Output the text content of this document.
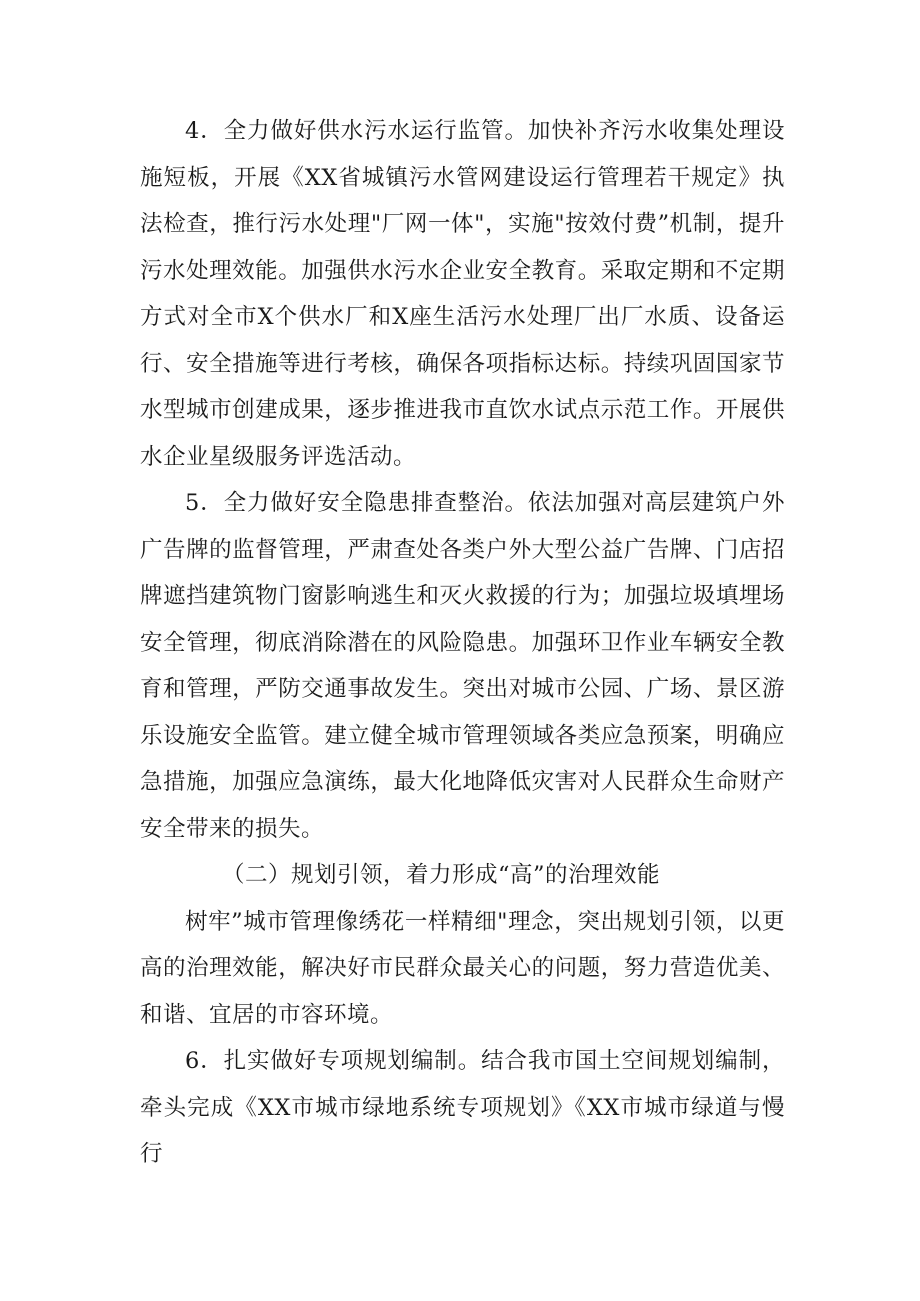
4．全力做好供水污水运行监管。加快补齐污水收集处理设施短板，开展《XX省城镇污水管网建设运行管理若干规定》执法检查，推行污水处理"厂网一体"，实施"按效付费”机制，提升污水处理效能。加强供水污水企业安全教育。采取定期和不定期方式对全市X个供水厂和X座生活污水处理厂出厂水质、设备运行、安全措施等进行考核，确保各项指标达标。持续巩固国家节水型城市创建成果，逐步推进我市直饮水试点示范工作。开展供水企业星级服务评选活动。

5．全力做好安全隐患排查整治。依法加强对高层建筑户外广告牌的监督管理，严肃查处各类户外大型公益广告牌、门店招牌遮挡建筑物门窗影响逃生和灭火救援的行为；加强垃圾填埋场安全管理，彻底消除潜在的风险隐患。加强环卫作业车辆安全教育和管理，严防交通事故发生。突出对城市公园、广场、景区游乐设施安全监管。建立健全城市管理领域各类应急预案，明确应急措施，加强应急演练，最大化地降低灾害对人民群众生命财产安全带来的损失。

（二）规划引领，着力形成“高”的治理效能

树牢”城市管理像绣花一样精细"理念，突出规划引领，以更高的治理效能，解决好市民群众最关心的问题，努力营造优美、和谐、宜居的市容环境。

6．扎实做好专项规划编制。结合我市国土空间规划编制，牵头完成《XX市城市绿地系统专项规划》《XX市城市绿道与慢行
